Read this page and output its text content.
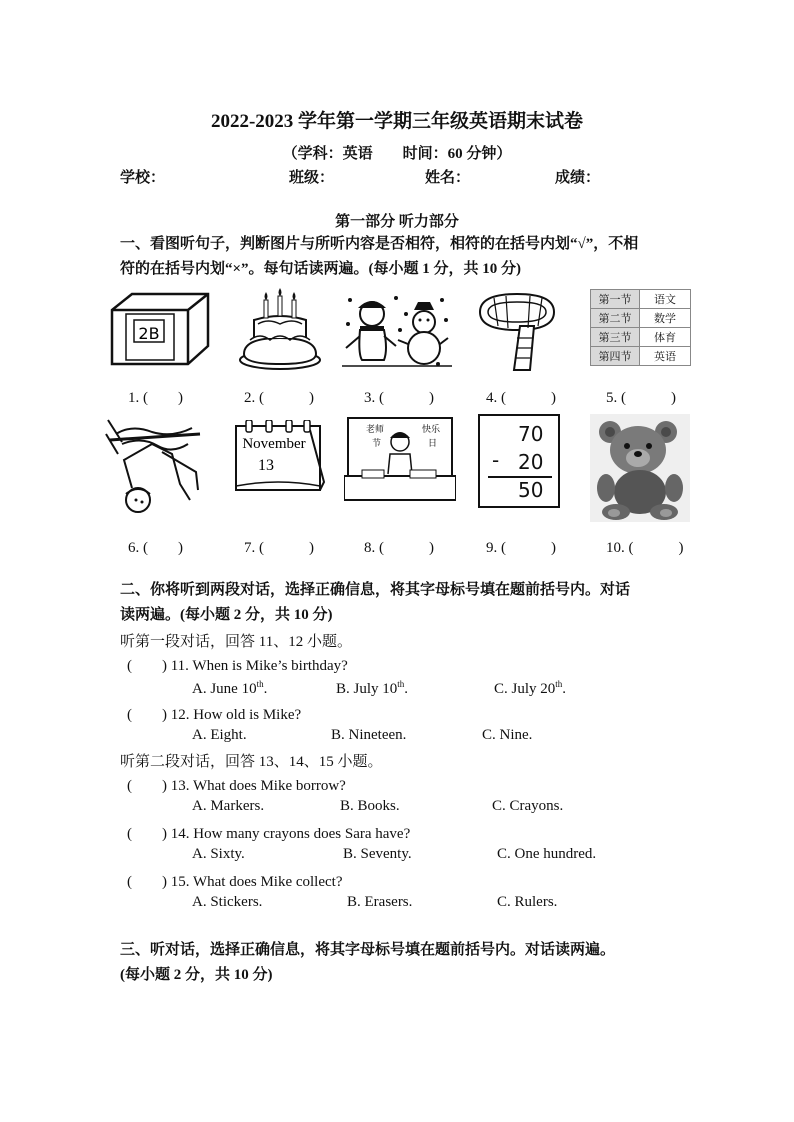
2022-2023 学年第一学期三年级英语期末试卷
（学科：英语　　时间：60 分钟）
学校：	班级：	姓名：	成绩：
第一部分 听力部分
一、看图听句子，判断图片与所听内容是否相符，相符的在括号内划“√”，不相
符的在括号内划“×”。每句话读两遍。(每小题 1 分，共 10 分)
2B
第一节	语文
第二节	数学
第三节	体育
第四节	英语
1. (　　)	2. (　　　)	3. (　　　)	4. (　　　)	5. (　　　)
November
13
老师
节
快乐
日	70
- 20
50
6. (　　)	7. (　　　)	8. (　　　)	9. (　　　)	10. (　　　)
二、你将听到两段对话，选择正确信息，将其字母标号填在题前括号内。对话
读两遍。(每小题 2 分，共 10 分)
听第一段对话，回答 11、12 小题。
(　　) 11. When is Mike’s birthday?
A. June 10th.	B. July 10th.	C. July 20th.
(　　) 12. How old is Mike?
A. Eight.	B. Nineteen.	C. Nine.
听第二段对话，回答 13、14、15 小题。
(　　) 13. What does Mike borrow?
A. Markers.	B. Books.	C. Crayons.
(　　) 14. How many crayons does Sara have?
A. Sixty.	B. Seventy.	C. One hundred.
(　　) 15. What does Mike collect?
A. Stickers.	B. Erasers.	C. Rulers.
三、听对话，选择正确信息，将其字母标号填在题前括号内。对话读两遍。
(每小题 2 分，共 10 分)
